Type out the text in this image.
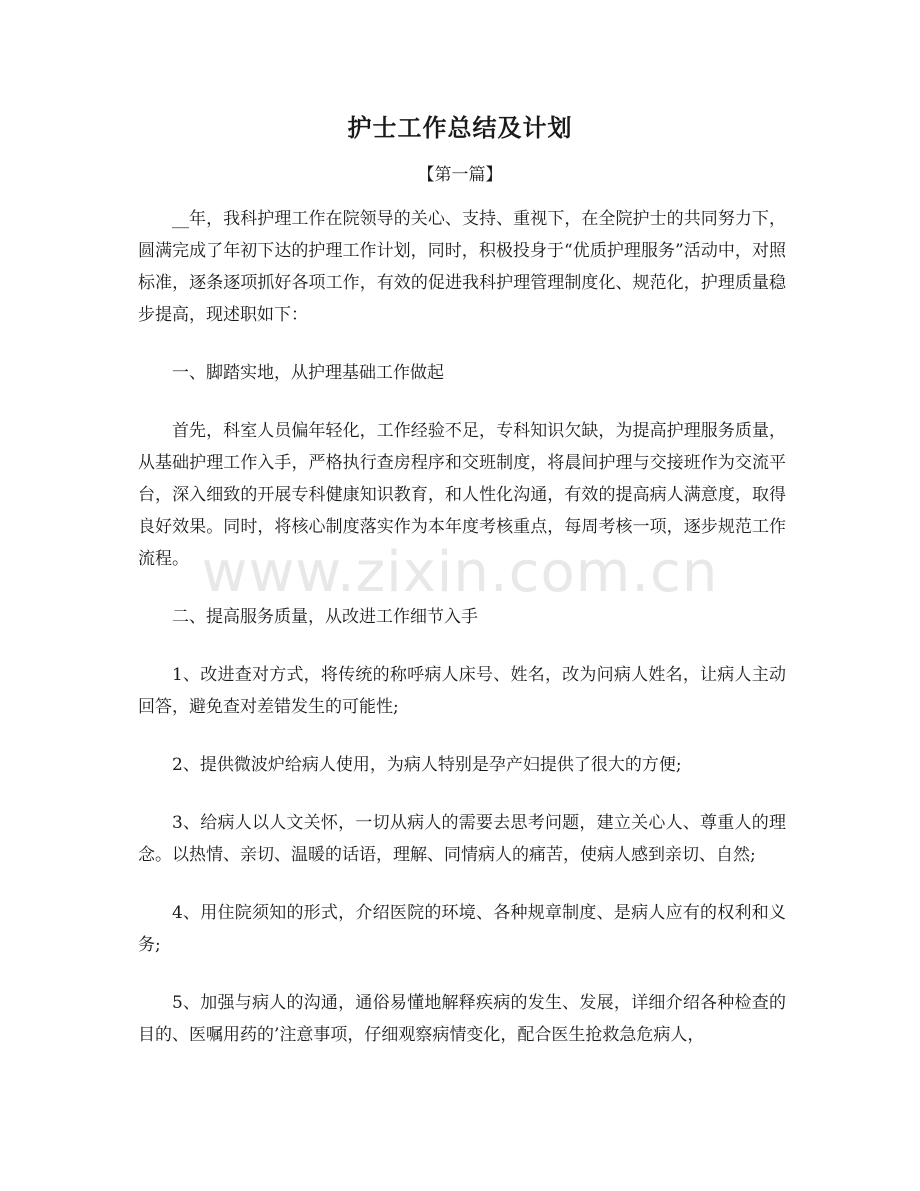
护士工作总结及计划
【第一篇】

__年，我科护理工作在院领导的关心、支持、重视下，在全院护士的共同努力下，圆满完成了年初下达的护理工作计划，同时，积极投身于“优质护理服务”活动中，对照标准，逐条逐项抓好各项工作，有效的促进我科护理管理制度化、规范化，护理质量稳步提高，现述职如下：

一、脚踏实地，从护理基础工作做起

首先，科室人员偏年轻化，工作经验不足，专科知识欠缺，为提高护理服务质量，从基础护理工作入手，严格执行查房程序和交班制度，将晨间护理与交接班作为交流平台，深入细致的开展专科健康知识教育，和人性化沟通，有效的提高病人满意度，取得良好效果。同时，将核心制度落实作为本年度考核重点，每周考核一项，逐步规范工作流程。

二、提高服务质量，从改进工作细节入手

1、改进查对方式，将传统的称呼病人床号、姓名，改为问病人姓名，让病人主动回答，避免查对差错发生的可能性;

2、提供微波炉给病人使用，为病人特别是孕产妇提供了很大的方便;

3、给病人以人文关怀，一切从病人的需要去思考问题，建立关心人、尊重人的理念。以热情、亲切、温暖的话语，理解、同情病人的痛苦，使病人感到亲切、自然;

4、用住院须知的形式，介绍医院的环境、各种规章制度、是病人应有的权利和义务;

5、加强与病人的沟通，通俗易懂地解释疾病的发生、发展，详细介绍各种检查的目的、医嘱用药的’注意事项，仔细观察病情变化，配合医生抢救急危病人，

www.zixin.com.cn
